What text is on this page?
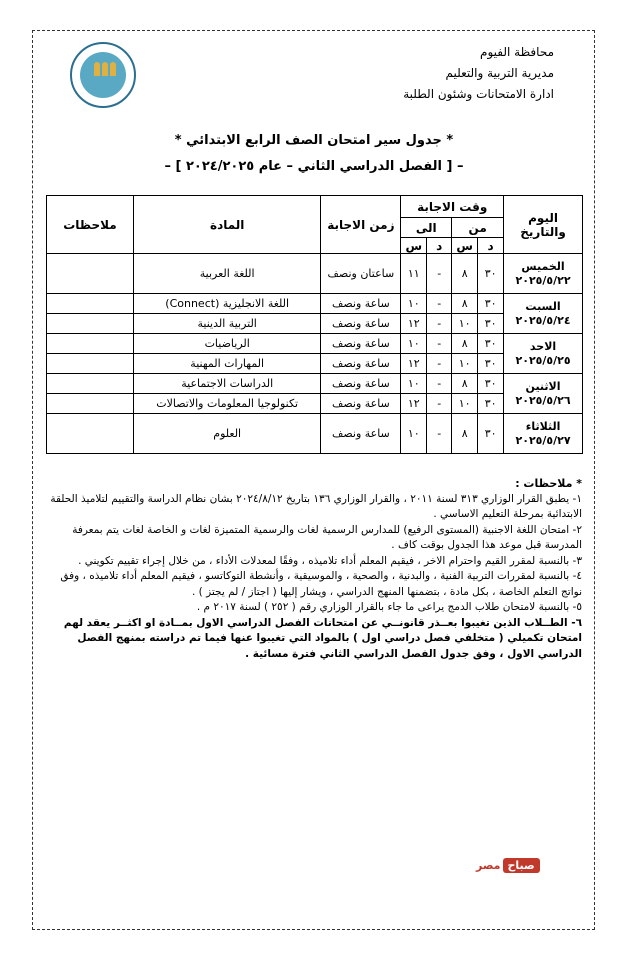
محافظة الفيوم
مديرية التربية والتعليم
ادارة الامتحانات وشئون الطلبة
* جدول سير امتحان الصف الرابع الابتدائي *
– [ الفصل الدراسي الثاني – عام ٢٠٢٤/٢٠٢٥ ] –
اليوم والتاريخ	وقت الاجابة				زمن الاجابة	المادة	ملاحظات
	من		الى				
	د	س	د	س			

الخميس
٢٠٢٥/٥/٢٢	٣٠	٨	-	١١	ساعتان ونصف	اللغة العربية	

السبت
٢٠٢٥/٥/٢٤	٣٠	٨	-	١٠	ساعة ونصف	اللغة الانجليزية (Connect)	
	٣٠	١٠	-	١٢	ساعة ونصف	التربية الدينية	

الاحد
٢٠٢٥/٥/٢٥	٣٠	٨	-	١٠	ساعة ونصف	الرياضيات	
	٣٠	١٠	-	١٢	ساعة ونصف	المهارات المهنية	

الاثنين
٢٠٢٥/٥/٢٦	٣٠	٨	-	١٠	ساعة ونصف	الدراسات الاجتماعية	
	٣٠	١٠	-	١٢	ساعة ونصف	تكنولوجيا المعلومات والاتصالات	

الثلاثاء
٢٠٢٥/٥/٢٧	٣٠	٨	-	١٠	ساعة ونصف	العلوم	
* ملاحظات :
١- يطبق القرار الوزاري ٣١٣ لسنة ٢٠١١ ، والقرار الوزاري ١٣٦ بتاريخ ٢٠٢٤/٨/١٢ بشان نظام الدراسة والتقييم لتلاميذ الحلقة الابتدائية بمرحلة التعليم الاساسي .
٢- امتحان اللغة الاجنبية (المستوى الرفيع) للمدارس الرسمية لغات والرسمية المتميزة لغات و الخاصة لغات يتم بمعرفة المدرسة قبل موعد هذا الجدول بوقت كاف .
٣- بالنسبة لمقرر القيم واحترام الاخر ، فيقيم المعلم أداء تلاميذه ، وفقًا لمعدلات الأداء ، من خلال إجراء تقييم تكويني .
٤- بالنسبة لمقررات التربية الفنية ، والبدنية ، والصحية ، والموسيقية ، وأنشطة التوكاتسو ، فيقيم المعلم أداء تلاميذه ، وفق نواتج التعلم الخاصة ، بكل مادة ، بتضمنها المنهج الدراسي ، ويشار إليها ( اجتاز / لم يجتز ) .
٥- بالنسبة لامتحان طلاب الدمج يراعى ما جاء بالقرار الوزاري رقم ( ٢٥٢ ) لسنة ٢٠١٧ م .
٦- الطــلاب الذين تغيبوا بعــذر قانونــي عن امتحانات الفصل الدراسي الاول بمــادة او اكثــر يعقد لهم امتحان تكميلي ( متخلفي فصل دراسي اول ) بالمواد التي تغيبوا عنها فيما تم دراسته بمنهج الفصل الدراسي الاول ، وفق جدول الفصل الدراسي الثاني فترة مسائية .
صباحمصر
